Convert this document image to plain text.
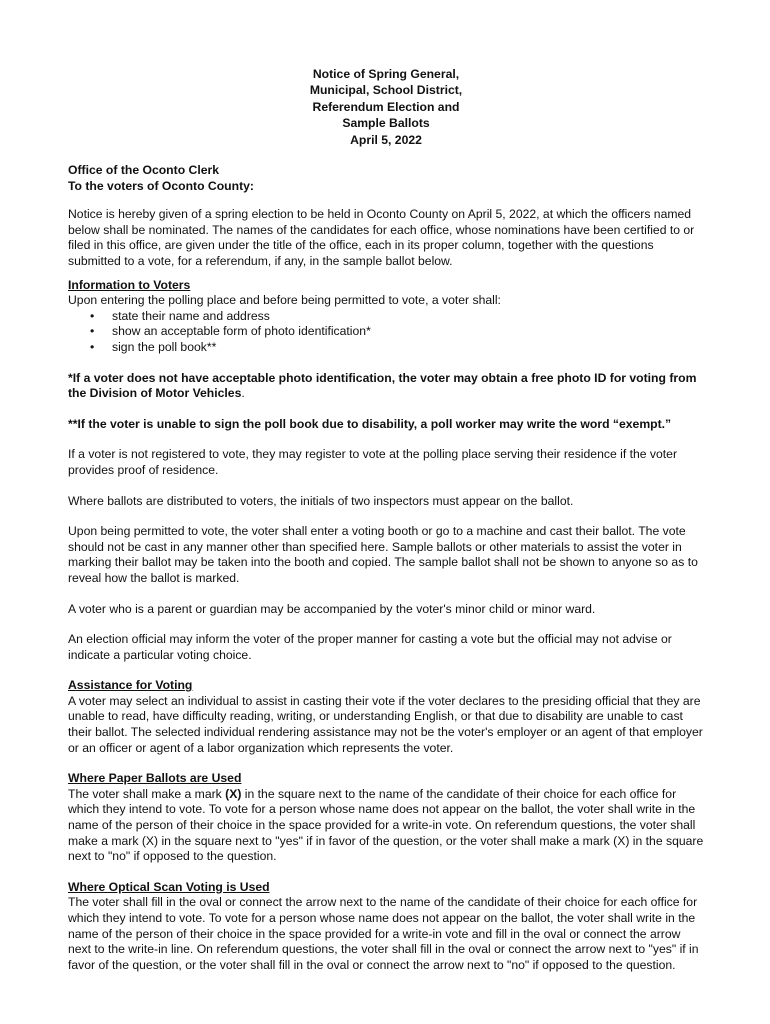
Notice of Spring General,
Municipal, School District,
Referendum Election and
Sample Ballots
April 5, 2022
Office of the Oconto Clerk
To the voters of Oconto County:

Notice is hereby given of a spring election to be held in Oconto County on April 5, 2022, at which the officers named below shall be nominated. The names of the candidates for each office, whose nominations have been certified to or filed in this office, are given under the title of the office, each in its proper column, together with the questions submitted to a vote, for a referendum, if any, in the sample ballot below.

Information to Voters

Upon entering the polling place and before being permitted to vote, a voter shall:

• state their name and address
• show an acceptable form of photo identification*
• sign the poll book**

*If a voter does not have acceptable photo identification, the voter may obtain a free photo ID for voting from the Division of Motor Vehicles.

**If the voter is unable to sign the poll book due to disability, a poll worker may write the word “exempt.”

If a voter is not registered to vote, they may register to vote at the polling place serving their residence if the voter provides proof of residence.

Where ballots are distributed to voters, the initials of two inspectors must appear on the ballot.

Upon being permitted to vote, the voter shall enter a voting booth or go to a machine and cast their ballot. The vote should not be cast in any manner other than specified here. Sample ballots or other materials to assist the voter in marking their ballot may be taken into the booth and copied. The sample ballot shall not be shown to anyone so as to reveal how the ballot is marked.

A voter who is a parent or guardian may be accompanied by the voter's minor child or minor ward.

An election official may inform the voter of the proper manner for casting a vote but the official may not advise or indicate a particular voting choice.

Assistance for Voting

A voter may select an individual to assist in casting their vote if the voter declares to the presiding official that they are unable to read, have difficulty reading, writing, or understanding English, or that due to disability are unable to cast their ballot. The selected individual rendering assistance may not be the voter's employer or an agent of that employer or an officer or agent of a labor organization which represents the voter.

Where Paper Ballots are Used

The voter shall make a mark (X) in the square next to the name of the candidate of their choice for each office for which they intend to vote. To vote for a person whose name does not appear on the ballot, the voter shall write in the name of the person of their choice in the space provided for a write-in vote. On referendum questions, the voter shall make a mark (X) in the square next to "yes" if in favor of the question, or the voter shall make a mark (X) in the square next to "no" if opposed to the question.

Where Optical Scan Voting is Used

The voter shall fill in the oval or connect the arrow next to the name of the candidate of their choice for each office for which they intend to vote. To vote for a person whose name does not appear on the ballot, the voter shall write in the name of the person of their choice in the space provided for a write-in vote and fill in the oval or connect the arrow next to the write-in line. On referendum questions, the voter shall fill in the oval or connect the arrow next to "yes" if in favor of the question, or the voter shall fill in the oval or connect the arrow next to "no" if opposed to the question.
